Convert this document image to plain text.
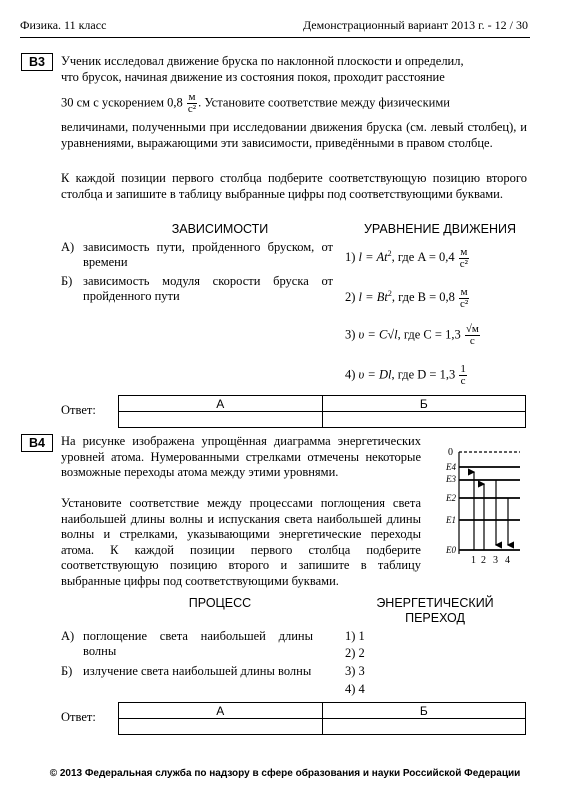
Физика. 11 класс	Демонстрационный вариант 2013 г. - 12 / 30
В3	Ученик исследовал движение бруска по наклонной плоскости и определил,
что брусок, начиная движение из состояния покоя, проходит расстояние
30 см с ускорением $0,8 \frac{м}{\text{с²}}$ . Установите соответствие между физическими
величинами, полученными при исследовании движения бруска (см. левый столбец), и уравнениями, выражающими эти зависимости, приведёнными в правом столбце.
К каждой позиции первого столбца подберите соответствующую позицию второго столбца и запишите в таблицу выбранные цифры под соответствующими буквами.
ЗАВИСИМОСТИ	УРАВНЕНИЕ ДВИЖЕНИЯ
А) зависимость пути, пройденного бруском, от времени
Б) зависимость модуля скорости бруска от пройденного пути
1) $l = At^2$, где $A = 0,4 \frac{м}{\text{с²}}$
2) $l = Bt^2$, где $B = 0,8 \frac{м}{\text{с²}}$
3) υ = C√l, где $C = 1,3 \frac{√м}{с}$
4) υ = Dl, где $D = 1,3 \frac{1}{с}$
Ответ:	А	Б

В4	На рисунке изображена упрощённая диаграмма энергетических уровней атома. Нумерованными стрелками отмечены некоторые возможные переходы атома между этими уровнями.
Установите соответствие между процессами поглощения света наибольшей длины волны и испускания света наибольшей длины волны и стрелками, указывающими энергетические переходы атома. К каждой позиции первого столбца подберите соответствующую позицию второго и запишите в таблицу выбранные цифры под соответствующими буквами.
0
E4
E3
E2
E1
E0
1 2 3 4
ПРОЦЕСС	ЭНЕРГЕТИЧЕСКИЙ
ПЕРЕХОД
А) поглощение света наибольшей длины волны
Б) излучение света наибольшей длины волны
1) 1
2) 2
3) 3
4) 4
Ответ:	А	Б

© 2013 Федеральная служба по надзору в сфере образования и науки Российской Федерации
